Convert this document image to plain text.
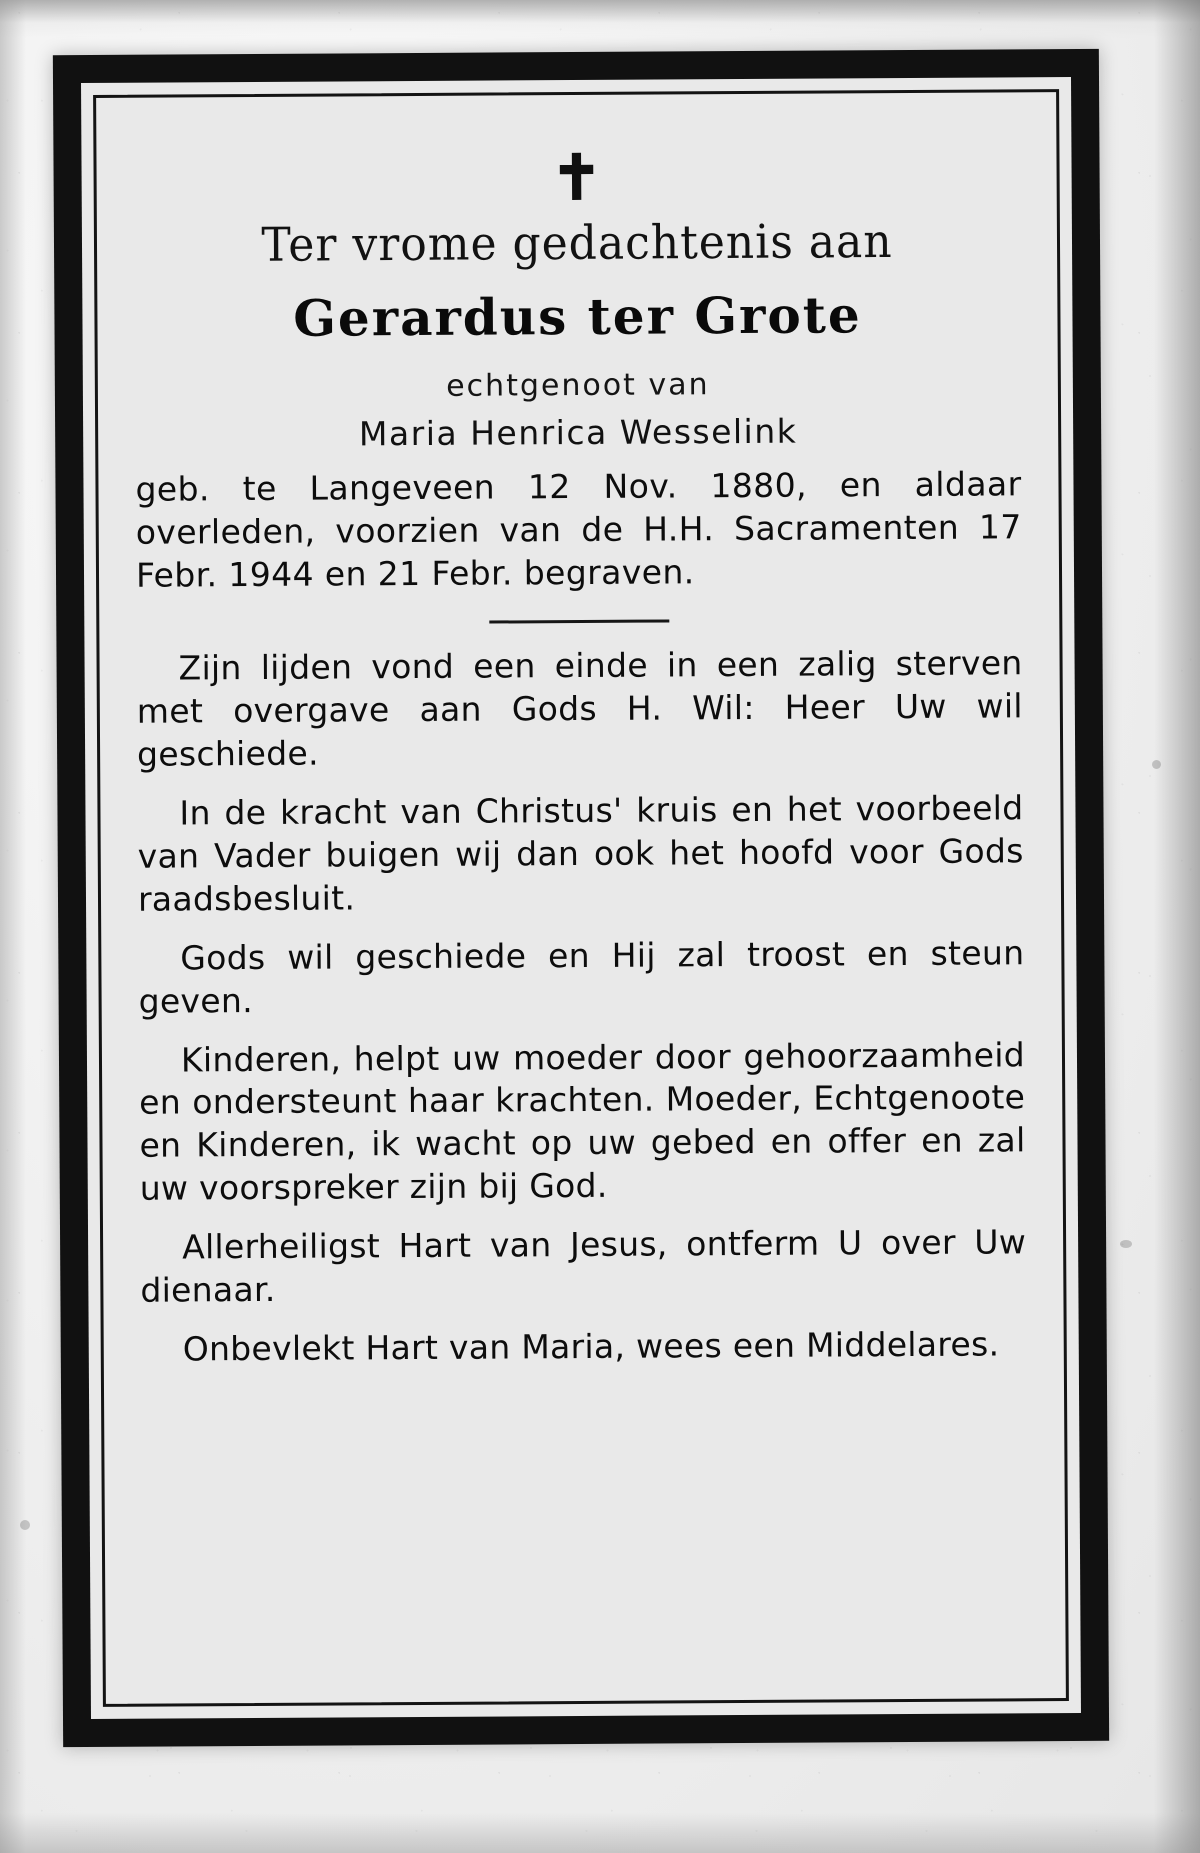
✝
Ter vrome gedachtenis aan
Gerardus ter Grote
echtgenoot van
Maria Henrica Wesselink
geb. te Langeveen 12 Nov. 1880, en aldaar overleden, voorzien van de H.H. Sacramenten 17 Febr. 1944 en 21 Febr. begraven.
Zijn lijden vond een einde in een zalig sterven met overgave aan Gods H. Wil: Heer Uw wil geschiede.
In de kracht van Christus' kruis en het voorbeeld van Vader buigen wij dan ook het hoofd voor Gods raadsbesluit.
Gods wil geschiede en Hij zal troost en steun geven.
Kinderen, helpt uw moeder door gehoorzaamheid en ondersteunt haar krachten. Moeder, Echtgenoote en Kinderen, ik wacht op uw gebed en offer en zal uw voorspreker zijn bij God.
Allerheiligst Hart van Jesus, ontferm U over Uw dienaar.
Onbevlekt Hart van Maria, wees een Middelares.
